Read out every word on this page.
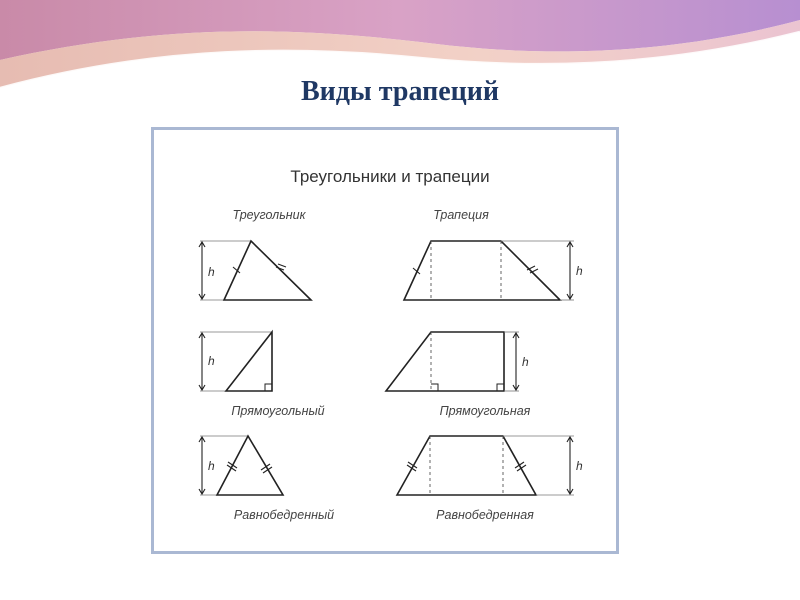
Виды трапеций
Треугольники и трапеции
Треугольник	Трапеция
h	h
h
Прямоугольный
h
Прямоугольная
h
Равнобедренный
h
Равнобедренная
